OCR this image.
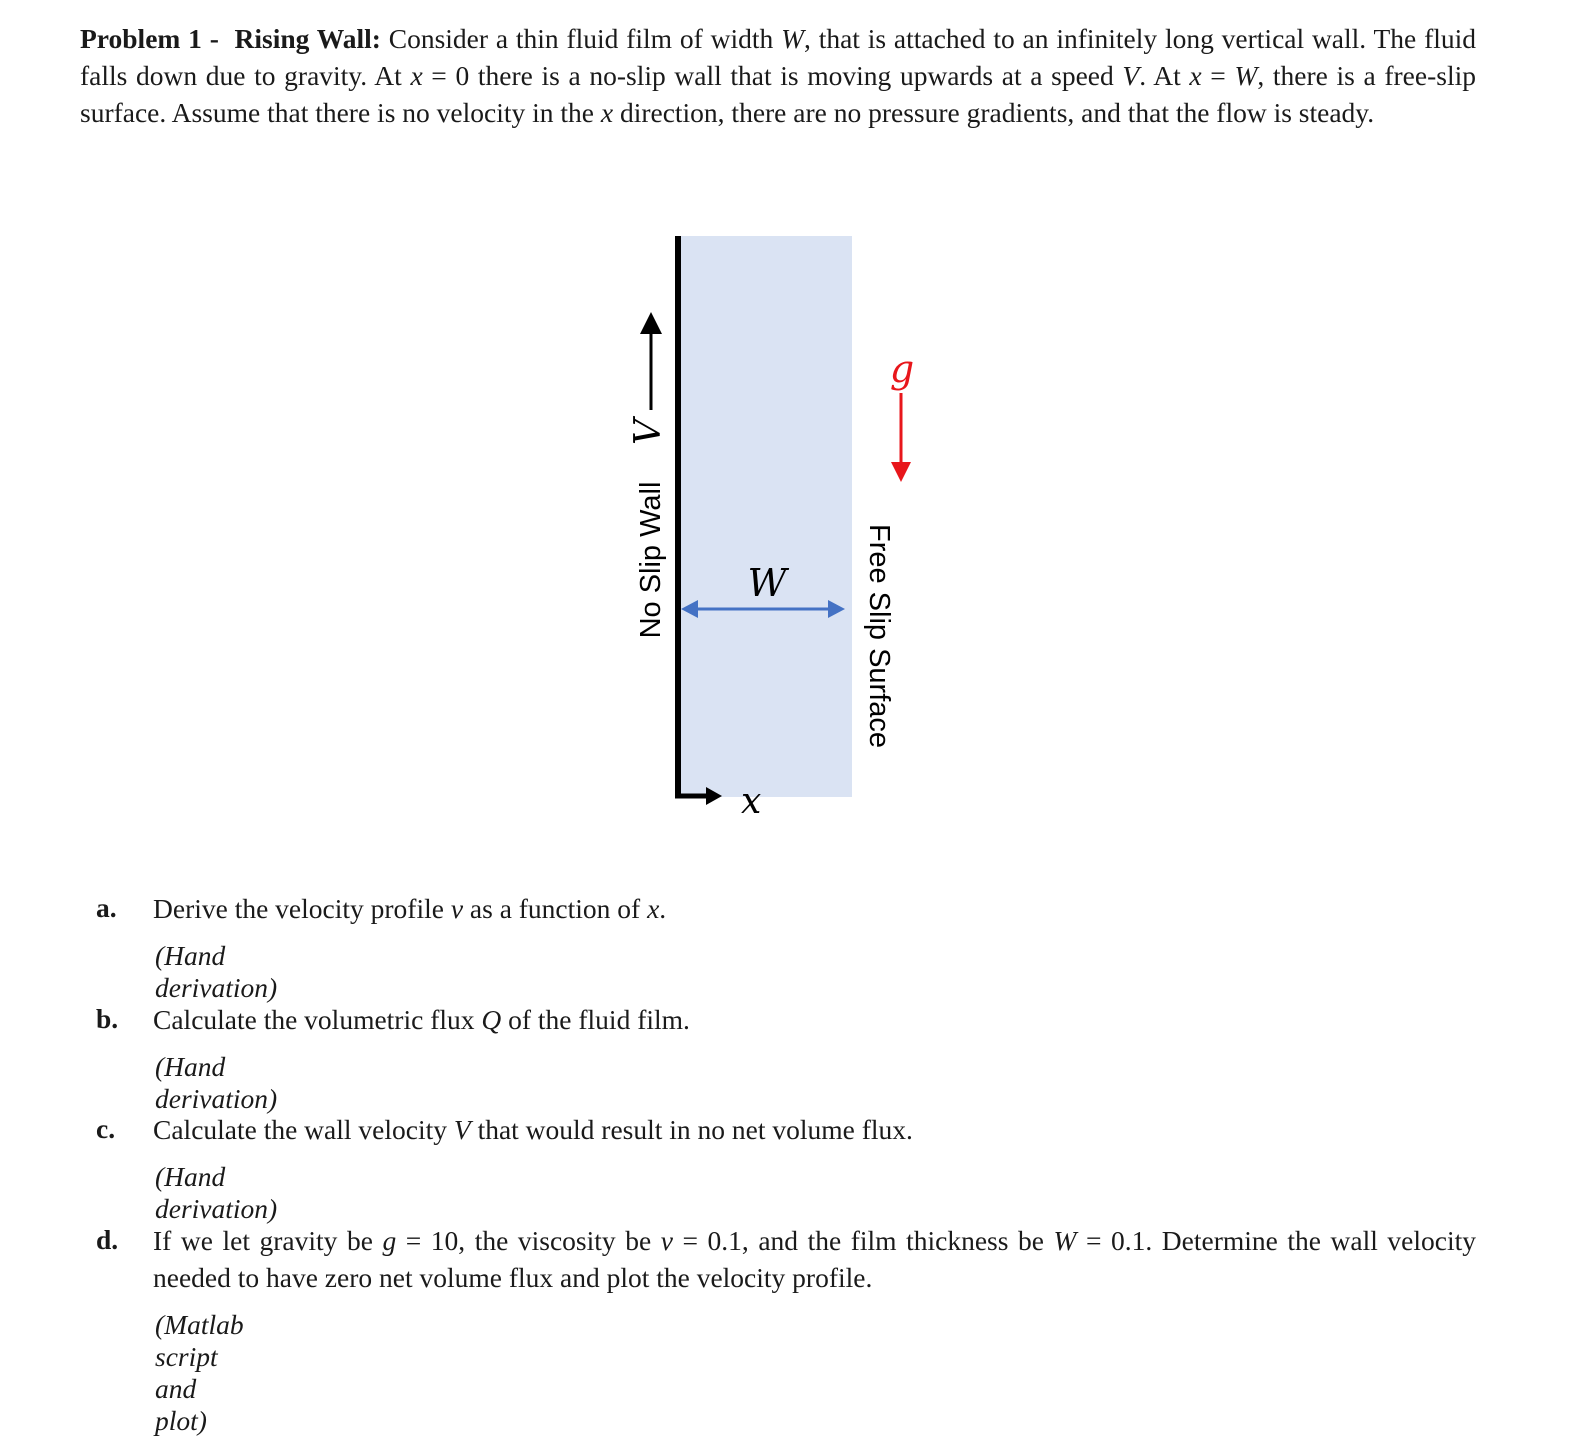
Problem 1 - Rising Wall: Consider a thin fluid film of width W, that is attached to an infinitely long vertical wall. The fluid falls down due to gravity. At x = 0 there is a no-slip wall that is moving upwards at a speed V. At x = W, there is a free-slip surface. Assume that there is no velocity in the x direction, there are no pressure gradients, and that the flow is steady.

x
V
No Slip Wall
g
W	Free Slip Surface
a. Derive the velocity profile v as a function of x.

(Hand derivation)
b. Calculate the volumetric flux Q of the fluid film.

(Hand derivation)
c. Calculate the wall velocity V that would result in no net volume flux.

(Hand derivation)
d. If we let gravity be g = 10, the viscosity be ν = 0.1, and the film thickness be W = 0.1. Determine the wall velocity needed to have zero net volume flux and plot the velocity profile.

(Matlab script and plot)
